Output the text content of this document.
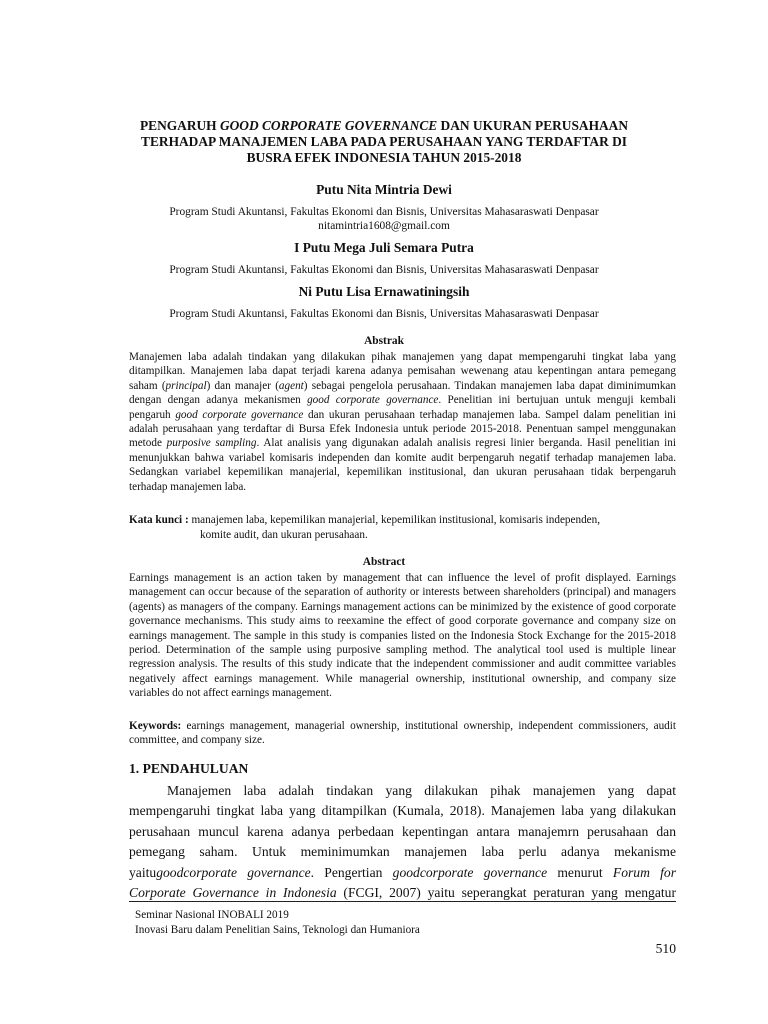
PENGARUH GOOD CORPORATE GOVERNANCE DAN UKURAN PERUSAHAAN
TERHADAP MANAJEMEN LABA PADA PERUSAHAAN YANG TERDAFTAR DI
BUSRA EFEK INDONESIA TAHUN 2015-2018

Putu Nita Mintria Dewi

Program Studi Akuntansi, Fakultas Ekonomi dan Bisnis, Universitas Mahasaraswati Denpasar

nitamintria1608@gmail.com

I Putu Mega Juli Semara Putra

Program Studi Akuntansi, Fakultas Ekonomi dan Bisnis, Universitas Mahasaraswati Denpasar

Ni Putu Lisa Ernawatiningsih

Program Studi Akuntansi, Fakultas Ekonomi dan Bisnis, Universitas Mahasaraswati Denpasar

Abstrak

Manajemen laba adalah tindakan yang dilakukan pihak manajemen yang dapat mempengaruhi tingkat laba yang ditampilkan. Manajemen laba dapat terjadi karena adanya pemisahan wewenang atau kepentingan antara pemegang saham (principal) dan manajer (agent) sebagai pengelola perusahaan. Tindakan manajemen laba dapat diminimumkan dengan dengan adanya mekanismen good corporate governance. Penelitian ini bertujuan untuk menguji kembali pengaruh good corporate governance dan ukuran perusahaan terhadap manajemen laba. Sampel dalam penelitian ini adalah perusahaan yang terdaftar di Bursa Efek Indonesia untuk periode 2015-2018. Penentuan sampel menggunakan metode purposive sampling. Alat analisis yang digunakan adalah analisis regresi linier berganda. Hasil penelitian ini menunjukkan bahwa variabel komisaris independen dan komite audit berpengaruh negatif terhadap manajemen laba. Sedangkan variabel kepemilikan manajerial, kepemilikan institusional, dan ukuran perusahaan tidak berpengaruh terhadap manajemen laba.

Kata kunci : manajemen laba, kepemilikan manajerial, kepemilikan institusional, komisaris independen,

komite audit, dan ukuran perusahaan.

Abstract

Earnings management is an action taken by management that can influence the level of profit displayed. Earnings management can occur because of the separation of authority or interests between shareholders (principal) and managers (agents) as managers of the company. Earnings management actions can be minimized by the existence of good corporate governance mechanisms. This study aims to reexamine the effect of good corporate governance and company size on earnings management. The sample in this study is companies listed on the Indonesia Stock Exchange for the 2015-2018 period. Determination of the sample using purposive sampling method. The analytical tool used is multiple linear regression analysis. The results of this study indicate that the independent commissioner and audit committee variables negatively affect earnings management. While managerial ownership, institutional ownership, and company size variables do not affect earnings management.

Keywords: earnings management, managerial ownership, institutional ownership, independent commissioners, audit committee, and company size.

1. PENDAHULUAN
Manajemen laba adalah tindakan yang dilakukan pihak manajemen yang dapat
mempengaruhi tingkat laba yang ditampilkan (Kumala, 2018). Manajemen laba yang dilakukan
perusahaan muncul karena adanya perbedaan kepentingan antara manajemrn perusahaan dan
pemegang saham. Untuk meminimumkan manajemen laba perlu adanya mekanisme
yaitugoodcorporate governance. Pengertian goodcorporate governance menurut Forum for
Corporate Governance in Indonesia (FCGI, 2007) yaitu seperangkat peraturan yang mengatur

Seminar Nasional INOBALI 2019

Inovasi Baru dalam Penelitian Sains, Teknologi dan Humaniora

510
